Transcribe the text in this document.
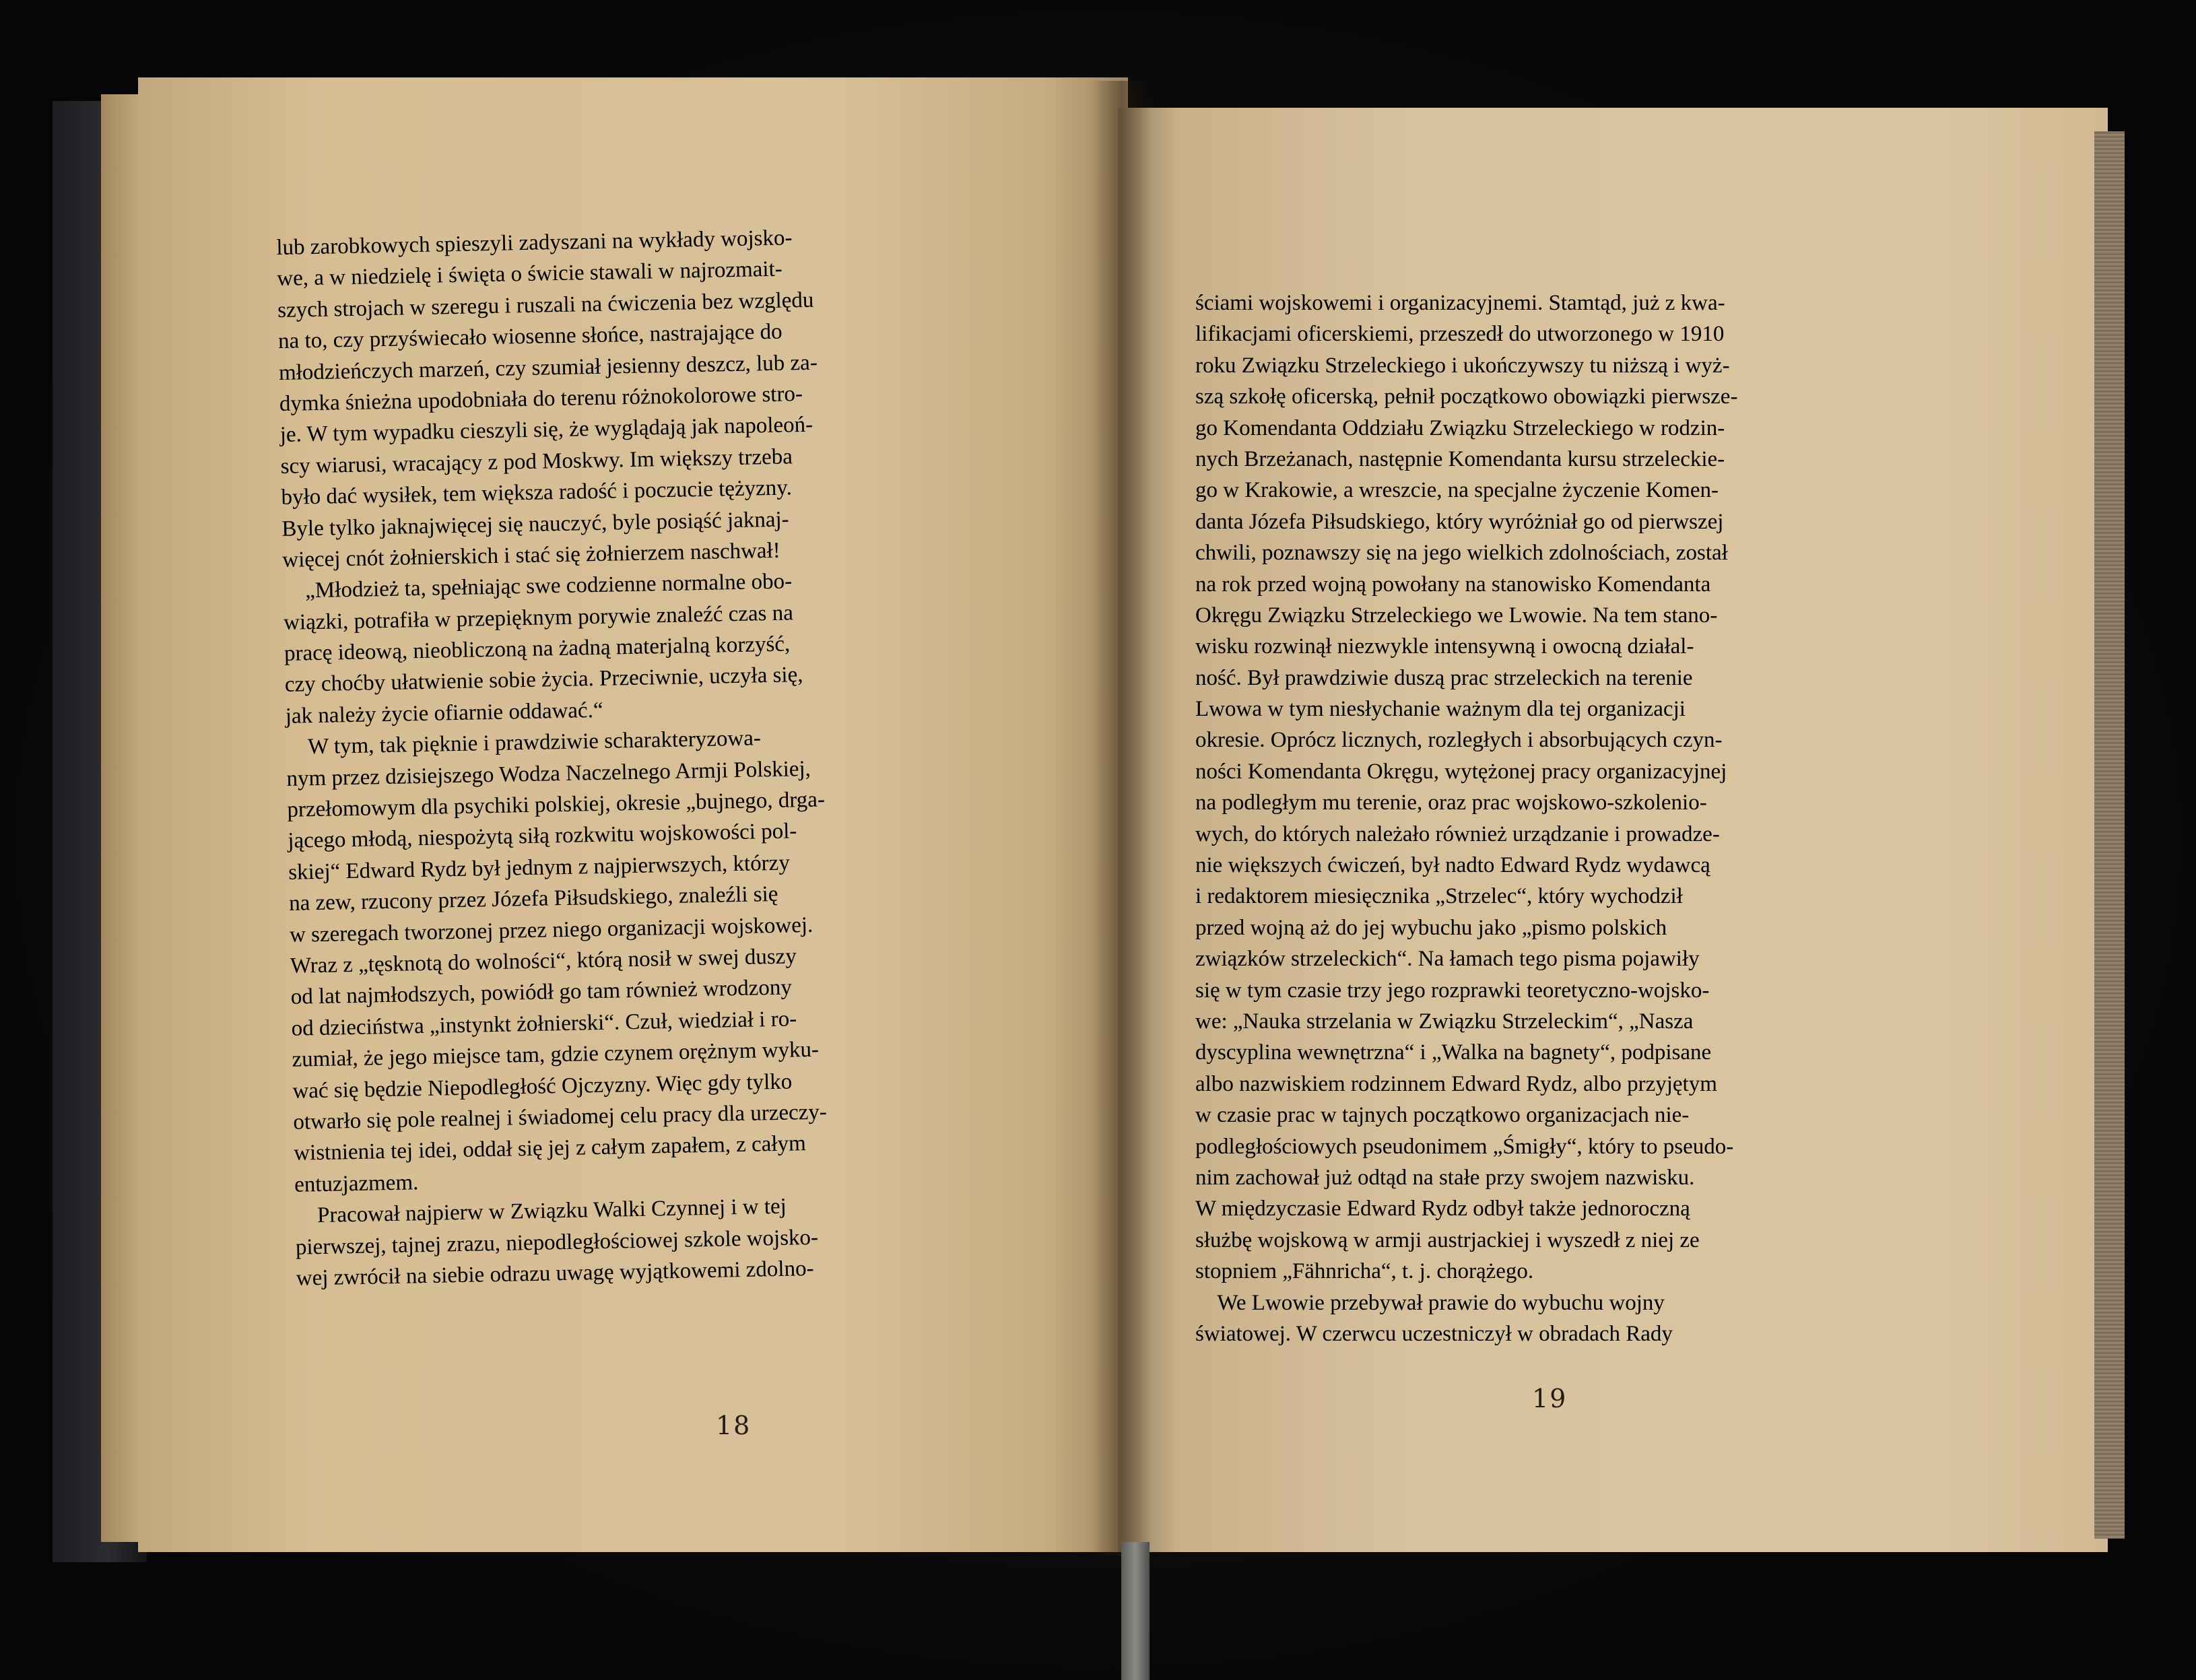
lub zarobkowych spieszyli zadyszani na wykłady wojsko-
we, a w niedzielę i święta o świcie stawali w najrozmait-
szych strojach w szeregu i ruszali na ćwiczenia bez względu
na to, czy przyświecało wiosenne słońce, nastrajające do
młodzieńczych marzeń, czy szumiał jesienny deszcz, lub za-
dymka śnieżna upodobniała do terenu różnokolorowe stro-
je. W tym wypadku cieszyli się, że wyglądają jak napoleoń-
scy wiarusi, wracający z pod Moskwy. Im większy trzeba
było dać wysiłek, tem większa radość i poczucie tężyzny.
Byle tylko jaknajwięcej się nauczyć, byle posiąść jaknaj-
więcej cnót żołnierskich i stać się żołnierzem naschwał!
„Młodzież ta, spełniając swe codzienne normalne obo-
wiązki, potrafiła w przepięknym porywie znaleźć czas na
pracę ideową, nieobliczoną na żadną materjalną korzyść,
czy choćby ułatwienie sobie życia. Przeciwnie, uczyła się,
jak należy życie ofiarnie oddawać.“
W tym, tak pięknie i prawdziwie scharakteryzowa-
nym przez dzisiejszego Wodza Naczelnego Armji Polskiej,
przełomowym dla psychiki polskiej, okresie „bujnego, drga-
jącego młodą, niespożytą siłą rozkwitu wojskowości pol-
skiej“ Edward Rydz był jednym z najpierwszych, którzy
na zew, rzucony przez Józefa Piłsudskiego, znaleźli się
w szeregach tworzonej przez niego organizacji wojskowej.
Wraz z „tęsknotą do wolności“, którą nosił w swej duszy
od lat najmłodszych, powiódł go tam również wrodzony
od dzieciństwa „instynkt żołnierski“. Czuł, wiedział i ro-
zumiał, że jego miejsce tam, gdzie czynem orężnym wyku-
wać się będzie Niepodległość Ojczyzny. Więc gdy tylko
otwarło się pole realnej i świadomej celu pracy dla urzeczy-
wistnienia tej idei, oddał się jej z całym zapałem, z całym
entuzjazmem.
Pracował najpierw w Związku Walki Czynnej i w tej
pierwszej, tajnej zrazu, niepodległościowej szkole wojsko-
wej zwrócił na siebie odrazu uwagę wyjątkowemi zdolno-
ściami wojskowemi i organizacyjnemi. Stamtąd, już z kwa-
lifikacjami oficerskiemi, przeszedł do utworzonego w 1910
roku Związku Strzeleckiego i ukończywszy tu niższą i wyż-
szą szkołę oficerską, pełnił początkowo obowiązki pierwsze-
go Komendanta Oddziału Związku Strzeleckiego w rodzin-
nych Brzeżanach, następnie Komendanta kursu strzeleckie-
go w Krakowie, a wreszcie, na specjalne życzenie Komen-
danta Józefa Piłsudskiego, który wyróżniał go od pierwszej
chwili, poznawszy się na jego wielkich zdolnościach, został
na rok przed wojną powołany na stanowisko Komendanta
Okręgu Związku Strzeleckiego we Lwowie. Na tem stano-
wisku rozwinął niezwykle intensywną i owocną działal-
ność. Był prawdziwie duszą prac strzeleckich na terenie
Lwowa w tym niesłychanie ważnym dla tej organizacji
okresie. Oprócz licznych, rozległych i absorbujących czyn-
ności Komendanta Okręgu, wytężonej pracy organizacyjnej
na podległym mu terenie, oraz prac wojskowo-szkolenio-
wych, do których należało również urządzanie i prowadze-
nie większych ćwiczeń, był nadto Edward Rydz wydawcą
i redaktorem miesięcznika „Strzelec“, który wychodził
przed wojną aż do jej wybuchu jako „pismo polskich
związków strzeleckich“. Na łamach tego pisma pojawiły
się w tym czasie trzy jego rozprawki teoretyczno-wojsko-
we: „Nauka strzelania w Związku Strzeleckim“, „Nasza
dyscyplina wewnętrzna“ i „Walka na bagnety“, podpisane
albo nazwiskiem rodzinnem Edward Rydz, albo przyjętym
w czasie prac w tajnych początkowo organizacjach nie-
podległościowych pseudonimem „Śmigły“, który to pseudo-
nim zachował już odtąd na stałe przy swojem nazwisku.
W międzyczasie Edward Rydz odbył także jednoroczną
służbę wojskową w armji austrjackiej i wyszedł z niej ze
stopniem „Fähnricha“, t. j. chorążego.
We Lwowie przebywał prawie do wybuchu wojny
światowej. W czerwcu uczestniczył w obradach Rady
18
19
